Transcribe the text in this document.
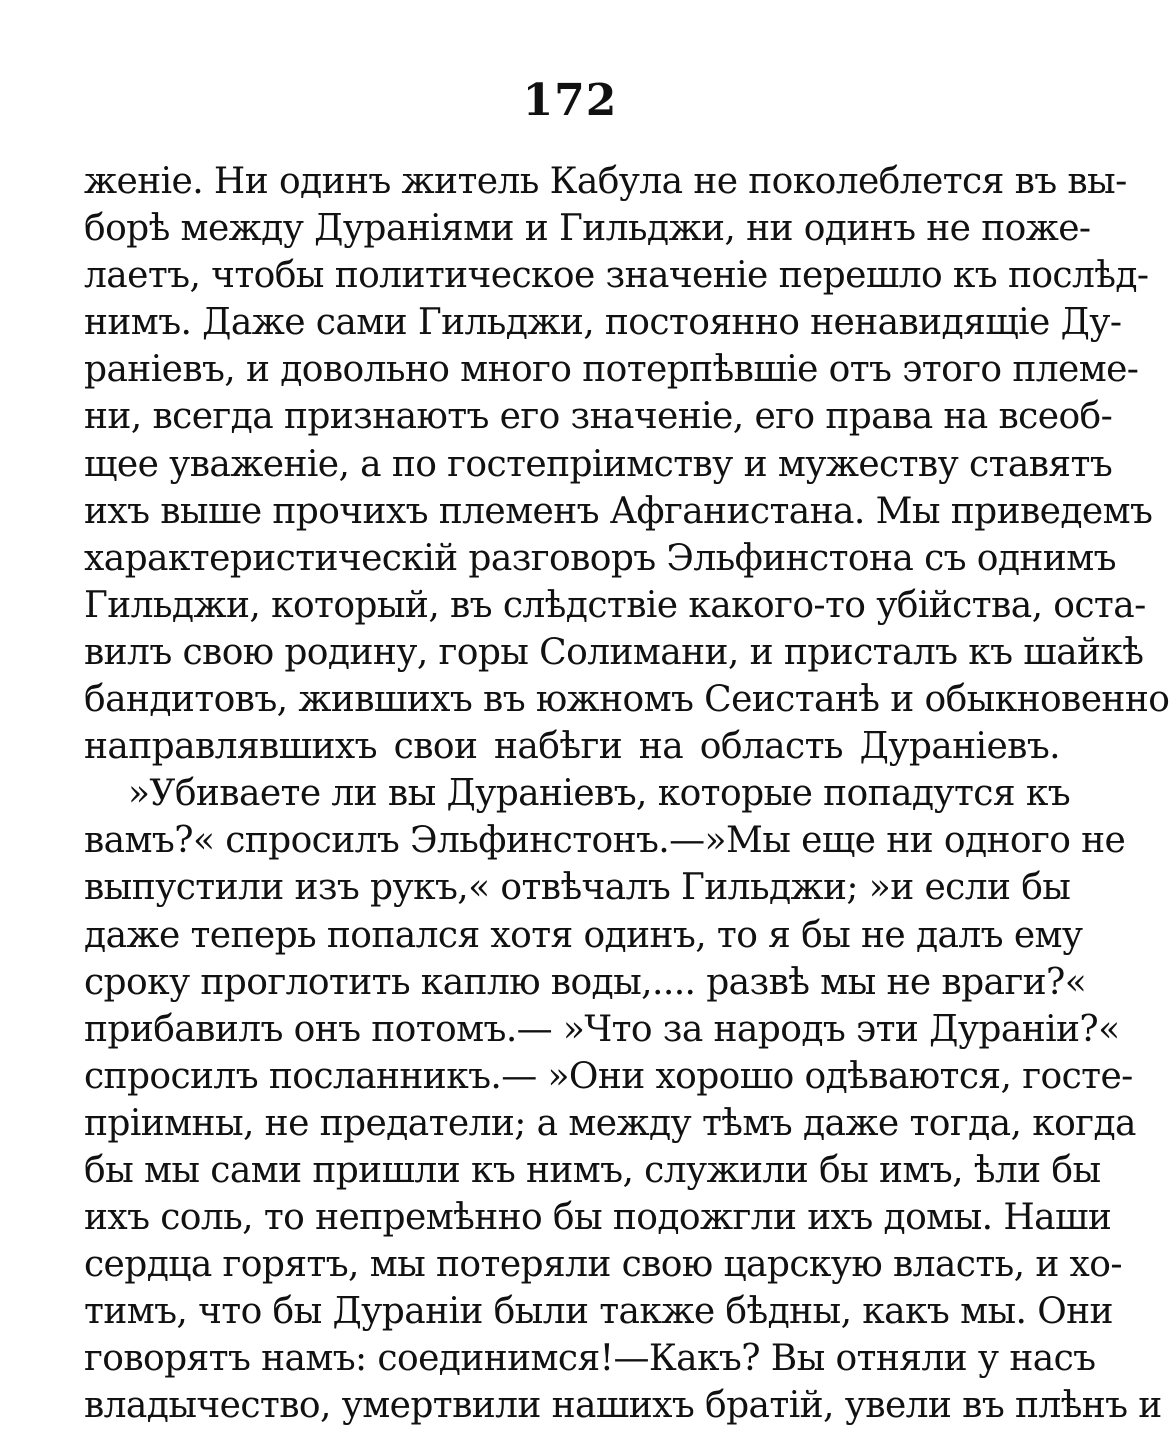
172
женіе. Ни одинъ житель Кабула не поколеблется въ вы-
борѣ между Дураніями и Гильджи, ни одинъ не поже-
лаетъ, чтобы политическое значеніе перешло къ послѣд-
нимъ. Даже сами Гильджи, постоянно ненавидящіе Ду-
раніевъ, и довольно много потерпѣвшіе отъ этого племе-
ни, всегда признаютъ его значеніе, его права на всеоб-
щее уваженіе, а по гостепріимству и мужеству ставятъ
ихъ выше прочихъ племенъ Афганистана. Мы приведемъ
характеристическій разговоръ Эльфинстона съ однимъ
Гильджи, который, въ слѣдствіе какого-то убійства, оста-
вилъ свою родину, горы Солимани, и присталъ къ шайкѣ
бандитовъ, жившихъ въ южномъ Сеистанѣ и обыкновенно
направлявшихъ свои набѣги на область Дураніевъ.
»Убиваете ли вы Дураніевъ, которые попадутся къ
вамъ?« спросилъ Эльфинстонъ.—»Мы еще ни одного не
выпустили изъ рукъ,« отвѣчалъ Гильджи; »и если бы
даже теперь попался хотя одинъ, то я бы не далъ ему
сроку проглотить каплю воды,.... развѣ мы не враги?«
прибавилъ онъ потомъ.— »Что за народъ эти Дураніи?«
спросилъ посланникъ.— »Они хорошо одѣваются, госте-
пріимны, не предатели; а между тѣмъ даже тогда, когда
бы мы сами пришли къ нимъ, служили бы имъ, ѣли бы
ихъ соль, то непремѣнно бы подожгли ихъ домы. Наши
сердца горятъ, мы потеряли свою царскую власть, и хо-
тимъ, что бы Дураніи были также бѣдны, какъ мы. Они
говорятъ намъ: соединимся!—Какъ? Вы отняли у насъ
владычество, умертвили нашихъ братій, увели въ плѣнъ и
